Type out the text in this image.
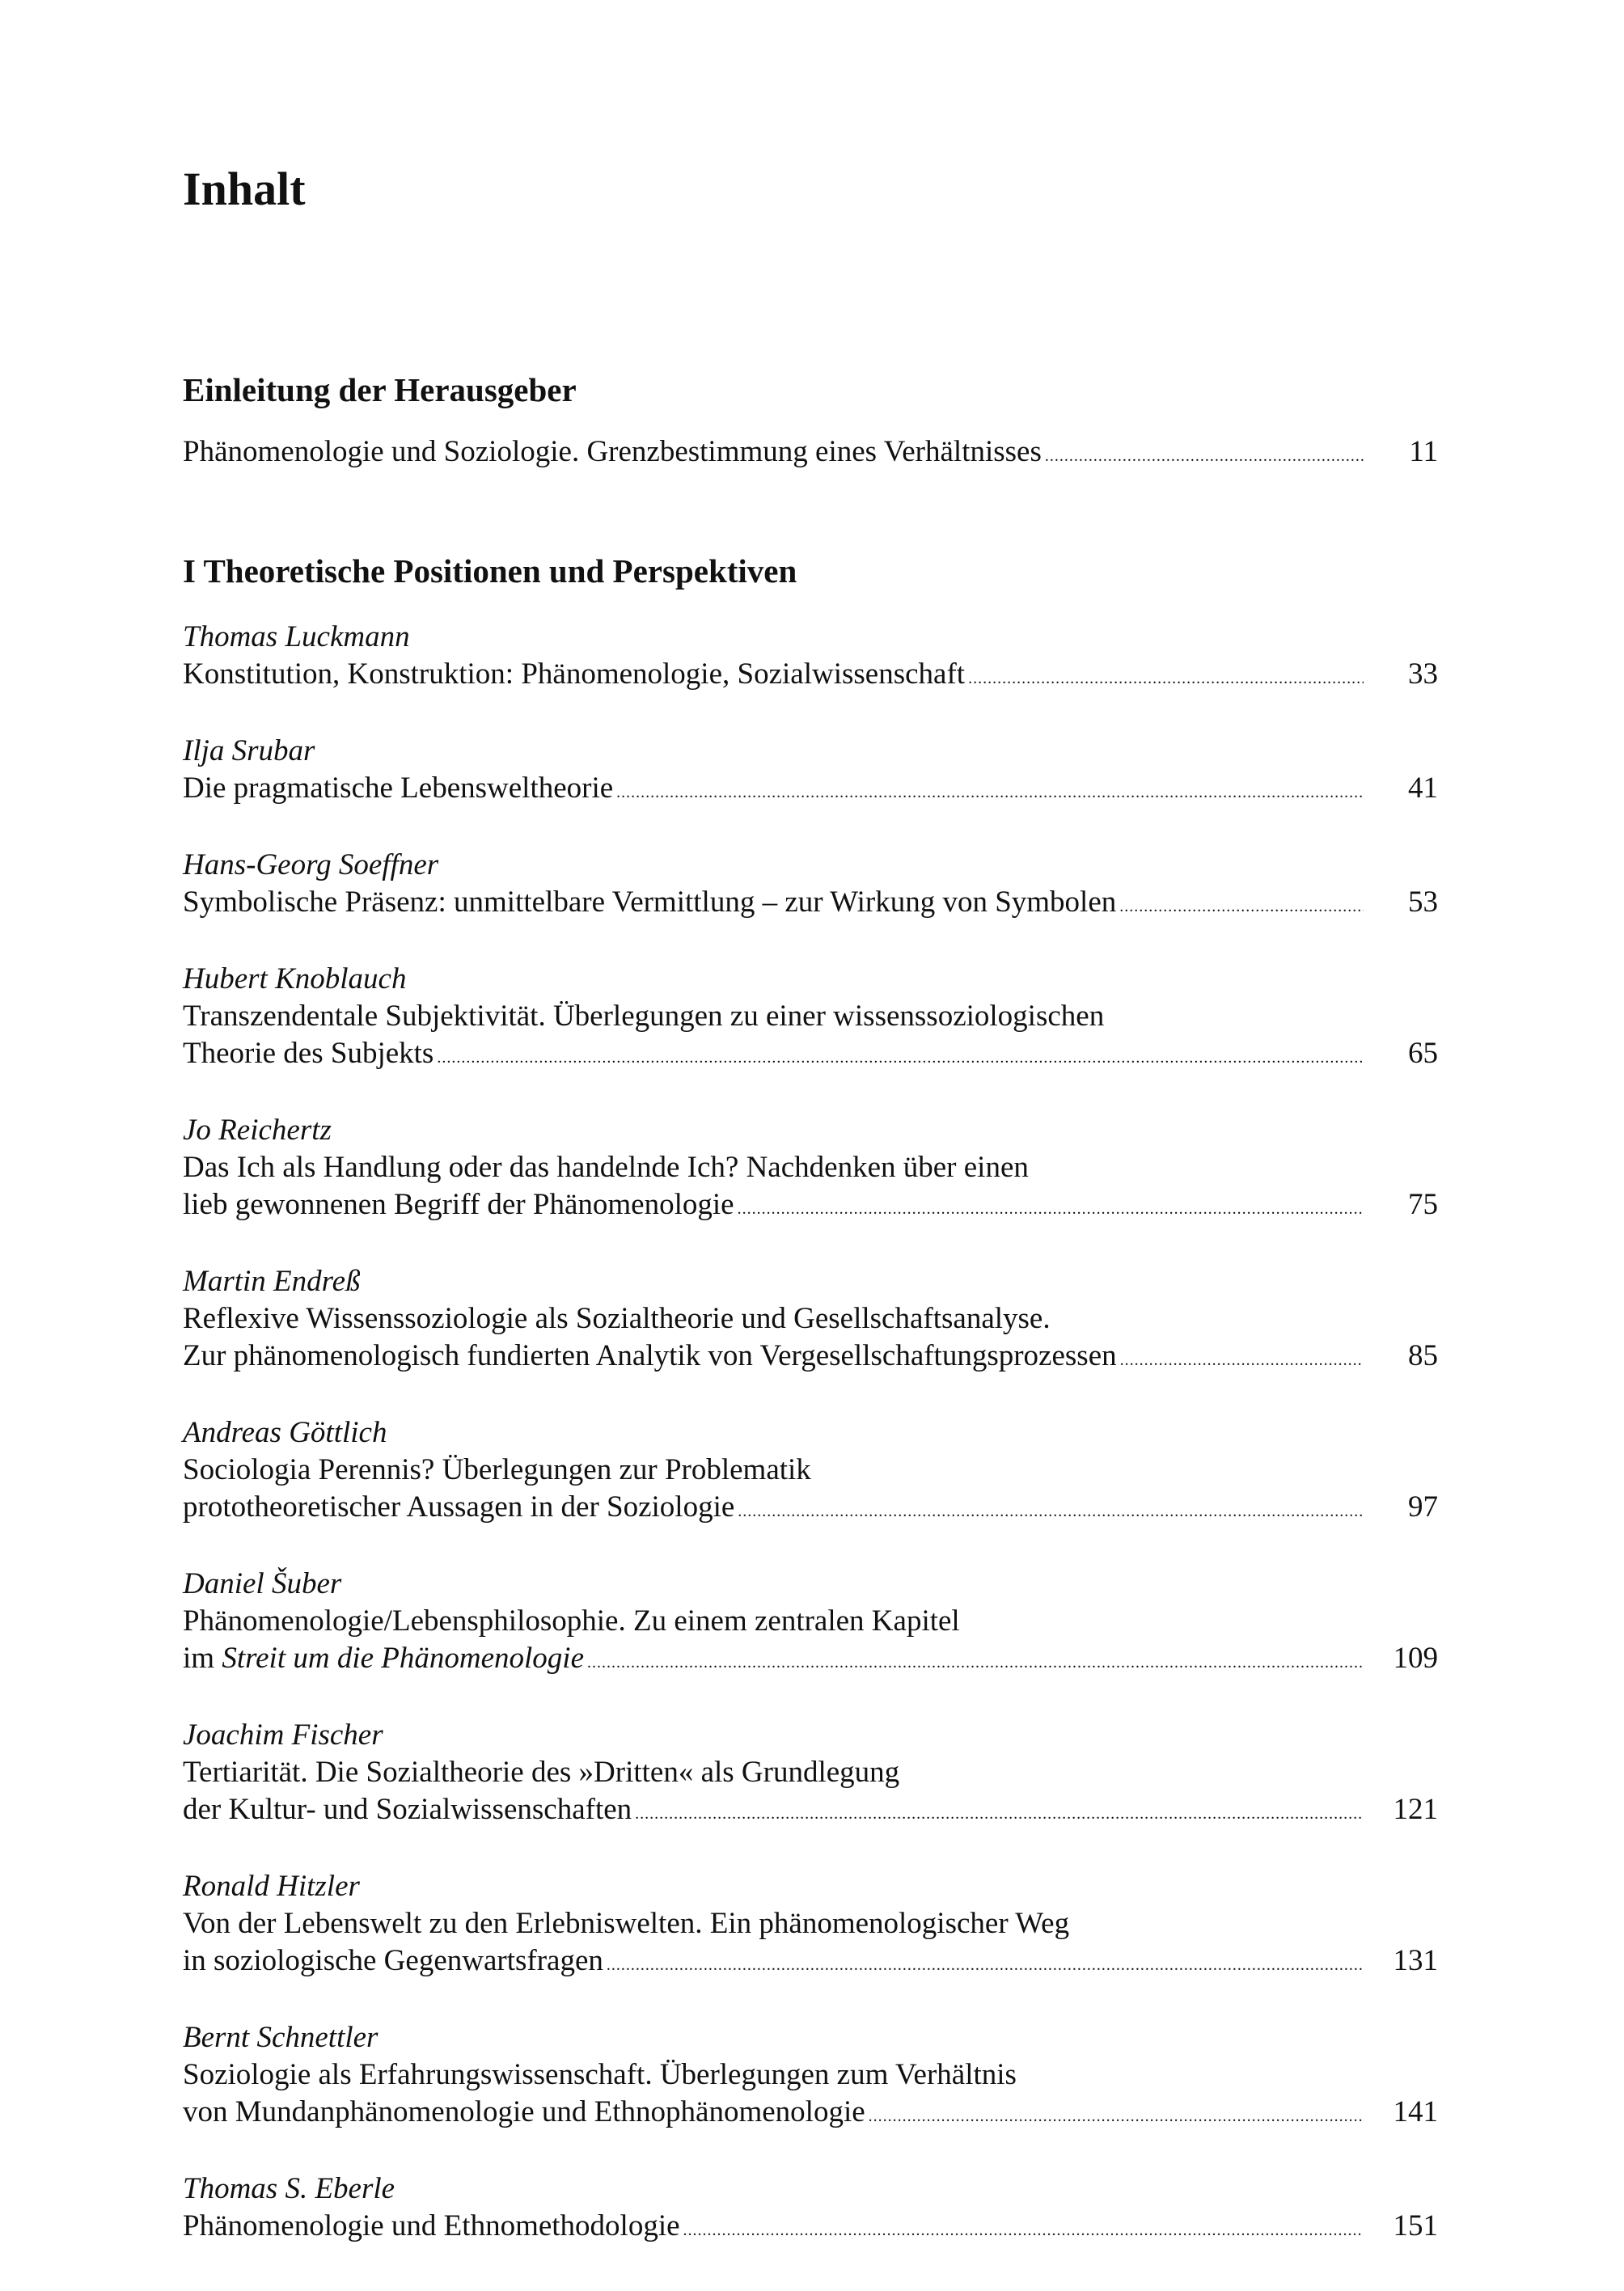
Inhalt
Einleitung der Herausgeber
Phänomenologie und Soziologie. Grenzbestimmung eines Verhältnisses . . .	11
I Theoretische Positionen und Perspektiven
Thomas Luckmann
Konstitution, Konstruktion: Phänomenologie, Sozialwissenschaft . . .	33
Ilja Srubar
Die pragmatische Lebensweltheorie . . .	41
Hans-Georg Soeffner
Symbolische Präsenz: unmittelbare Vermittlung – zur Wirkung von Symbolen . . .	53
Hubert Knoblauch
Transzendentale Subjektivität. Überlegungen zu einer wissenssoziologischen
Theorie des Subjekts . . .	65
Jo Reichertz
Das Ich als Handlung oder das handelnde Ich? Nachdenken über einen
lieb gewonnenen Begriff der Phänomenologie . . .	75
Martin Endreß
Reflexive Wissenssoziologie als Sozialtheorie und Gesellschaftsanalyse.
Zur phänomenologisch fundierten Analytik von Vergesellschaftungsprozessen . . .	85
Andreas Göttlich
Sociologia Perennis? Überlegungen zur Problematik
prototheoretischer Aussagen in der Soziologie . . .	97
Daniel Šuber
Phänomenologie/Lebensphilosophie. Zu einem zentralen Kapitel
im Streit um die Phänomenologie . . .	109
Joachim Fischer
Tertiarität. Die Sozialtheorie des »Dritten« als Grundlegung
der Kultur- und Sozialwissenschaften . . .	121
Ronald Hitzler
Von der Lebenswelt zu den Erlebniswelten. Ein phänomenologischer Weg
in soziologische Gegenwartsfragen . . .	131
Bernt Schnettler
Soziologie als Erfahrungswissenschaft. Überlegungen zum Verhältnis
von Mundanphänomenologie und Ethnophänomenologie . . .	141
Thomas S. Eberle
Phänomenologie und Ethnomethodologie . . .	151
